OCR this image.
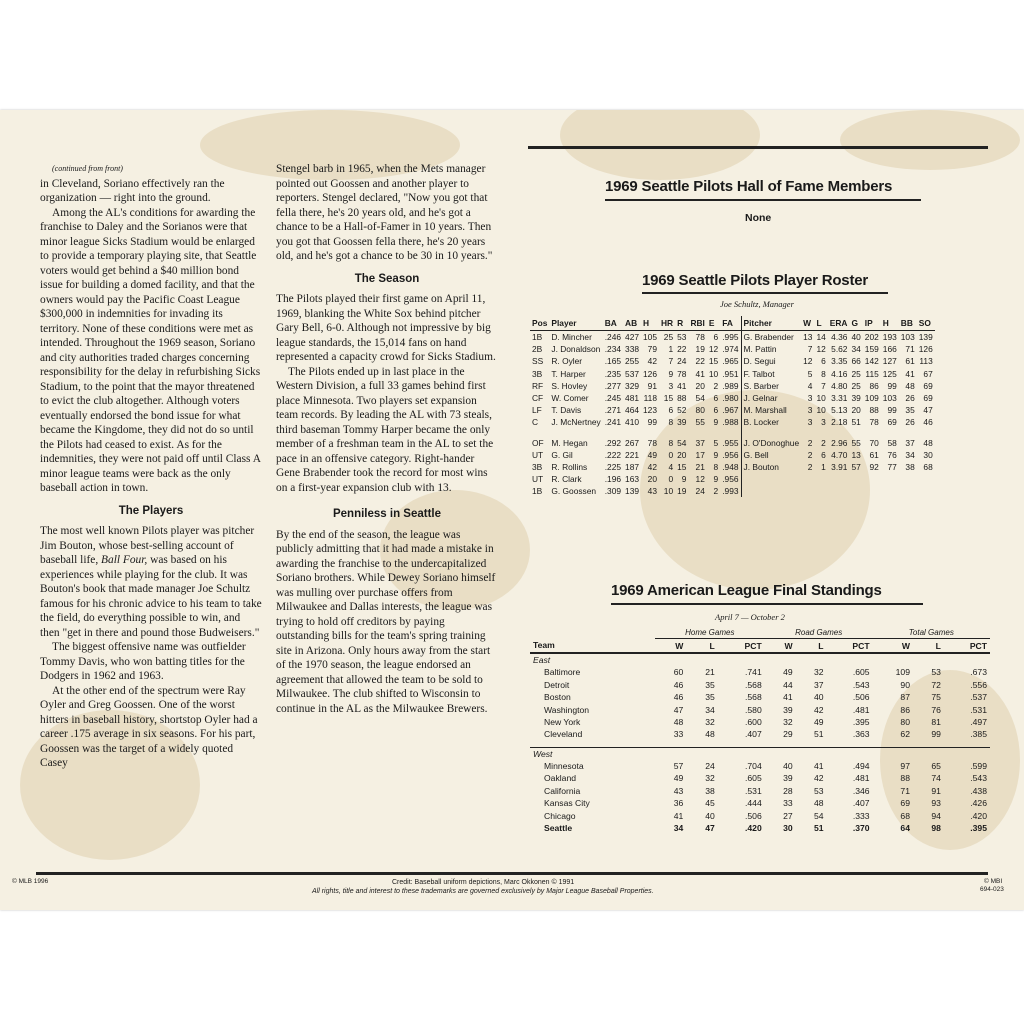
(continued from front)

in Cleveland, Soriano effectively ran the organization — right into the ground.

Among the AL's conditions for awarding the franchise to Daley and the Sorianos were that minor league Sicks Stadium would be enlarged to provide a temporary playing site, that Seattle voters would get behind a $40 million bond issue for building a domed facility, and that the owners would pay the Pacific Coast League $300,000 in indemnities for invading its territory. None of these conditions were met as intended. Throughout the 1969 season, Soriano and city authorities traded charges concerning responsibility for the delay in refurbishing Sicks Stadium, to the point that the mayor threatened to evict the club altogether. Although voters eventually endorsed the bond issue for what became the Kingdome, they did not do so until the Pilots had ceased to exist. As for the indemnities, they were not paid off until Class A minor league teams were back as the only baseball action in town.

The Players

The most well known Pilots player was pitcher Jim Bouton, whose best-selling account of baseball life, Ball Four, was based on his experiences while playing for the club. It was Bouton's book that made manager Joe Schultz famous for his chronic advice to his team to take the field, do everything possible to win, and then "get in there and pound those Budweisers."

The biggest offensive name was outfielder Tommy Davis, who won batting titles for the Dodgers in 1962 and 1963.

At the other end of the spectrum were Ray Oyler and Greg Goossen. One of the worst hitters in baseball history, shortstop Oyler had a career .175 average in six seasons. For his part, Goossen was the target of a widely quoted Casey

Stengel barb in 1965, when the Mets manager pointed out Goossen and another player to reporters. Stengel declared, "Now you got that fella there, he's 20 years old, and he's got a chance to be a Hall-of-Famer in 10 years. Then you got that Goossen fella there, he's 20 years old, and he's got a chance to be 30 in 10 years."

The Season

The Pilots played their first game on April 11, 1969, blanking the White Sox behind pitcher Gary Bell, 6-0. Although not impressive by big league standards, the 15,014 fans on hand represented a capacity crowd for Sicks Stadium.

The Pilots ended up in last place in the Western Division, a full 33 games behind first place Minnesota. Two players set expansion team records. By leading the AL with 73 steals, third baseman Tommy Harper became the only member of a freshman team in the AL to set the pace in an offensive category. Right-hander Gene Brabender took the record for most wins on a first-year expansion club with 13.

Penniless in Seattle

By the end of the season, the league was publicly admitting that it had made a mistake in awarding the franchise to the undercapitalized Soriano brothers. While Dewey Soriano himself was mulling over purchase offers from Milwaukee and Dallas interests, the league was trying to hold off creditors by paying outstanding bills for the team's spring training site in Arizona. Only hours away from the start of the 1970 season, the league endorsed an agreement that allowed the team to be sold to Milwaukee. The club shifted to Wisconsin to continue in the AL as the Milwaukee Brewers.

1969 Seattle Pilots Hall of Fame Members
None
1969 Seattle Pilots Player Roster
Joe Schultz, Manager
Pos	Player	BA	AB	H	HR	R	RBI	E	FA	Pitcher	W	L	ERA	G	IP	H	BB	SO
1B	D. Mincher	.246	427	105	25	53	78	6	.995	G. Brabender	13	14	4.36	40	202	193	103	139
2B	J. Donaldson	.234	338	79	1	22	19	12	.974	M. Pattin	7	12	5.62	34	159	166	71	126
SS	R. Oyler	.165	255	42	7	24	22	15	.965	D. Segui	12	6	3.35	66	142	127	61	113
3B	T. Harper	.235	537	126	9	78	41	10	.951	F. Talbot	5	8	4.16	25	115	125	41	67
RF	S. Hovley	.277	329	91	3	41	20	2	.989	S. Barber	4	7	4.80	25	86	99	48	69
CF	W. Comer	.245	481	118	15	88	54	6	.980	J. Gelnar	3	10	3.31	39	109	103	26	69
LF	T. Davis	.271	464	123	6	52	80	6	.967	M. Marshall	3	10	5.13	20	88	99	35	47
C	J. McNertney	.241	410	99	8	39	55	9	.988	B. Locker	3	3	2.18	51	78	69	26	46

OF	M. Hegan	.292	267	78	8	54	37	5	.955	J. O'Donoghue	2	2	2.96	55	70	58	37	48
UT	G. Gil	.222	221	49	0	20	17	9	.956	G. Bell	2	6	4.70	13	61	76	34	30
3B	R. Rollins	.225	187	42	4	15	21	8	.948	J. Bouton	2	1	3.91	57	92	77	38	68
UT	R. Clark	.196	163	20	0	9	12	9	.956									
1B	G. Goossen	.309	139	43	10	19	24	2	.993									
1969 American League Final Standings
April 7 — October 2
	Home Games			Road Games			Total Games		
Team	W	L	PCT	W	L	PCT	W	L	PCT
East									
Baltimore	60	21	.741	49	32	.605	109	53	.673
Detroit	46	35	.568	44	37	.543	90	72	.556
Boston	46	35	.568	41	40	.506	87	75	.537
Washington	47	34	.580	39	42	.481	86	76	.531
New York	48	32	.600	32	49	.395	80	81	.497
Cleveland	33	48	.407	29	51	.363	62	99	.385

West									
Minnesota	57	24	.704	40	41	.494	97	65	.599
Oakland	49	32	.605	39	42	.481	88	74	.543
California	43	38	.531	28	53	.346	71	91	.438
Kansas City	36	45	.444	33	48	.407	69	93	.426
Chicago	41	40	.506	27	54	.333	68	94	.420
Seattle	34	47	.420	30	51	.370	64	98	.395
© MLB 1996	Credit: Baseball uniform depictions, Marc Okkonen © 1991
All rights, title and interest to these trademarks are governed exclusively by Major League Baseball Properties.
© MBI
694-023
